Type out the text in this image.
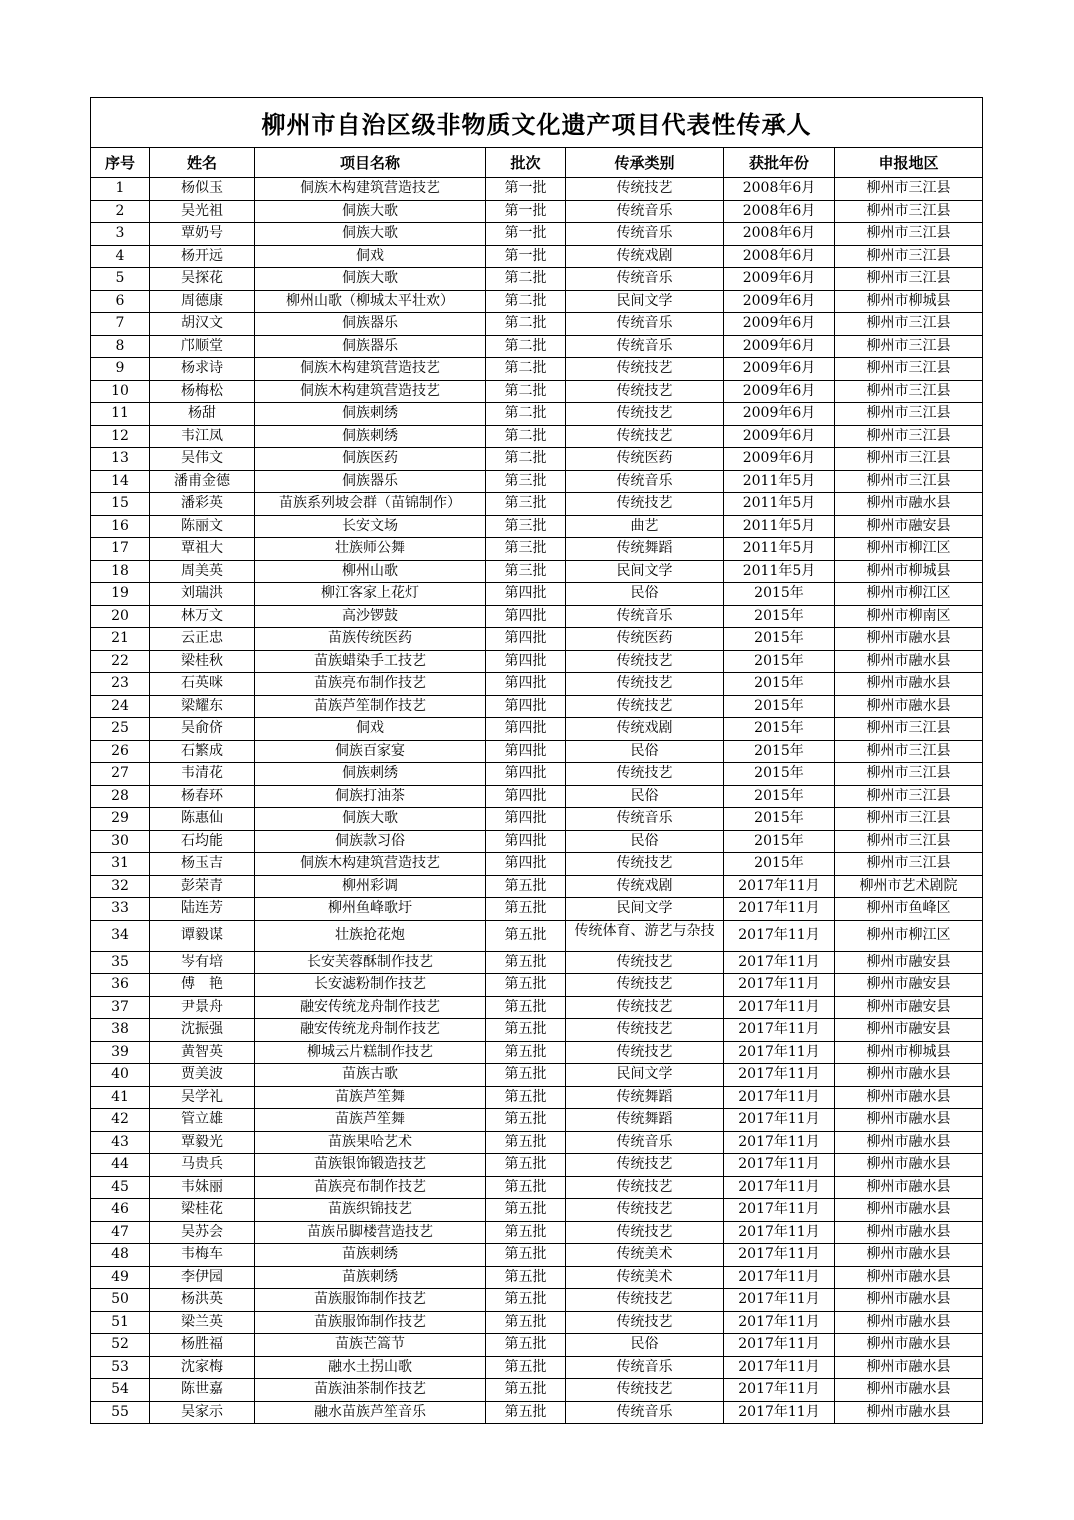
柳州市自治区级非物质文化遗产项目代表性传承人						
序号	姓名	项目名称	批次	传承类别	获批年份	申报地区
1	杨似玉	侗族木构建筑营造技艺	第一批	传统技艺	2008年6月	柳州市三江县
2	吴光祖	侗族大歌	第一批	传统音乐	2008年6月	柳州市三江县
3	覃奶号	侗族大歌	第一批	传统音乐	2008年6月	柳州市三江县
4	杨开远	侗戏	第一批	传统戏剧	2008年6月	柳州市三江县
5	吴探花	侗族大歌	第二批	传统音乐	2009年6月	柳州市三江县
6	周德康	柳州山歌（柳城太平壮欢）	第二批	民间文学	2009年6月	柳州市柳城县
7	胡汉文	侗族器乐	第二批	传统音乐	2009年6月	柳州市三江县
8	邝顺堂	侗族器乐	第二批	传统音乐	2009年6月	柳州市三江县
9	杨求诗	侗族木构建筑营造技艺	第二批	传统技艺	2009年6月	柳州市三江县
10	杨梅松	侗族木构建筑营造技艺	第二批	传统技艺	2009年6月	柳州市三江县
11	杨甜	侗族刺绣	第二批	传统技艺	2009年6月	柳州市三江县
12	韦江凤	侗族刺绣	第二批	传统技艺	2009年6月	柳州市三江县
13	吴伟文	侗族医药	第二批	传统医药	2009年6月	柳州市三江县
14	潘甫金德	侗族器乐	第三批	传统音乐	2011年5月	柳州市三江县
15	潘彩英	苗族系列坡会群（苗锦制作）	第三批	传统技艺	2011年5月	柳州市融水县
16	陈丽文	长安文场	第三批	曲艺	2011年5月	柳州市融安县
17	覃祖大	壮族师公舞	第三批	传统舞蹈	2011年5月	柳州市柳江区
18	周美英	柳州山歌	第三批	民间文学	2011年5月	柳州市柳城县
19	刘瑞洪	柳江客家上花灯	第四批	民俗	2015年	柳州市柳江区
20	林万文	高沙锣鼓	第四批	传统音乐	2015年	柳州市柳南区
21	云正忠	苗族传统医药	第四批	传统医药	2015年	柳州市融水县
22	梁桂秋	苗族蜡染手工技艺	第四批	传统技艺	2015年	柳州市融水县
23	石英咪	苗族亮布制作技艺	第四批	传统技艺	2015年	柳州市融水县
24	梁耀东	苗族芦笙制作技艺	第四批	传统技艺	2015年	柳州市融水县
25	吴俞侪	侗戏	第四批	传统戏剧	2015年	柳州市三江县
26	石繁成	侗族百家宴	第四批	民俗	2015年	柳州市三江县
27	韦清花	侗族刺绣	第四批	传统技艺	2015年	柳州市三江县
28	杨春环	侗族打油茶	第四批	民俗	2015年	柳州市三江县
29	陈惠仙	侗族大歌	第四批	传统音乐	2015年	柳州市三江县
30	石均能	侗族款习俗	第四批	民俗	2015年	柳州市三江县
31	杨玉吉	侗族木构建筑营造技艺	第四批	传统技艺	2015年	柳州市三江县
32	彭荣青	柳州彩调	第五批	传统戏剧	2017年11月	柳州市艺术剧院
33	陆连芳	柳州鱼峰歌圩	第五批	民间文学	2017年11月	柳州市鱼峰区
34	谭毅谋	壮族抢花炮	第五批	传统体育、游艺与杂技	2017年11月	柳州市柳江区
35	岑有培	长安芙蓉酥制作技艺	第五批	传统技艺	2017年11月	柳州市融安县
36	傅　艳	长安滤粉制作技艺	第五批	传统技艺	2017年11月	柳州市融安县
37	尹景舟	融安传统龙舟制作技艺	第五批	传统技艺	2017年11月	柳州市融安县
38	沈振强	融安传统龙舟制作技艺	第五批	传统技艺	2017年11月	柳州市融安县
39	黄智英	柳城云片糕制作技艺	第五批	传统技艺	2017年11月	柳州市柳城县
40	贾美波	苗族古歌	第五批	民间文学	2017年11月	柳州市融水县
41	吴学礼	苗族芦笙舞	第五批	传统舞蹈	2017年11月	柳州市融水县
42	管立雄	苗族芦笙舞	第五批	传统舞蹈	2017年11月	柳州市融水县
43	覃毅光	苗族果哈艺术	第五批	传统音乐	2017年11月	柳州市融水县
44	马贵兵	苗族银饰锻造技艺	第五批	传统技艺	2017年11月	柳州市融水县
45	韦妹丽	苗族亮布制作技艺	第五批	传统技艺	2017年11月	柳州市融水县
46	梁桂花	苗族织锦技艺	第五批	传统技艺	2017年11月	柳州市融水县
47	吴苏会	苗族吊脚楼营造技艺	第五批	传统技艺	2017年11月	柳州市融水县
48	韦梅车	苗族刺绣	第五批	传统美术	2017年11月	柳州市融水县
49	李伊园	苗族刺绣	第五批	传统美术	2017年11月	柳州市融水县
50	杨洪英	苗族服饰制作技艺	第五批	传统技艺	2017年11月	柳州市融水县
51	梁兰英	苗族服饰制作技艺	第五批	传统技艺	2017年11月	柳州市融水县
52	杨胜福	苗族芒篙节	第五批	民俗	2017年11月	柳州市融水县
53	沈家梅	融水土拐山歌	第五批	传统音乐	2017年11月	柳州市融水县
54	陈世嘉	苗族油茶制作技艺	第五批	传统技艺	2017年11月	柳州市融水县
55	吴家示	融水苗族芦笙音乐	第五批	传统音乐	2017年11月	柳州市融水县
